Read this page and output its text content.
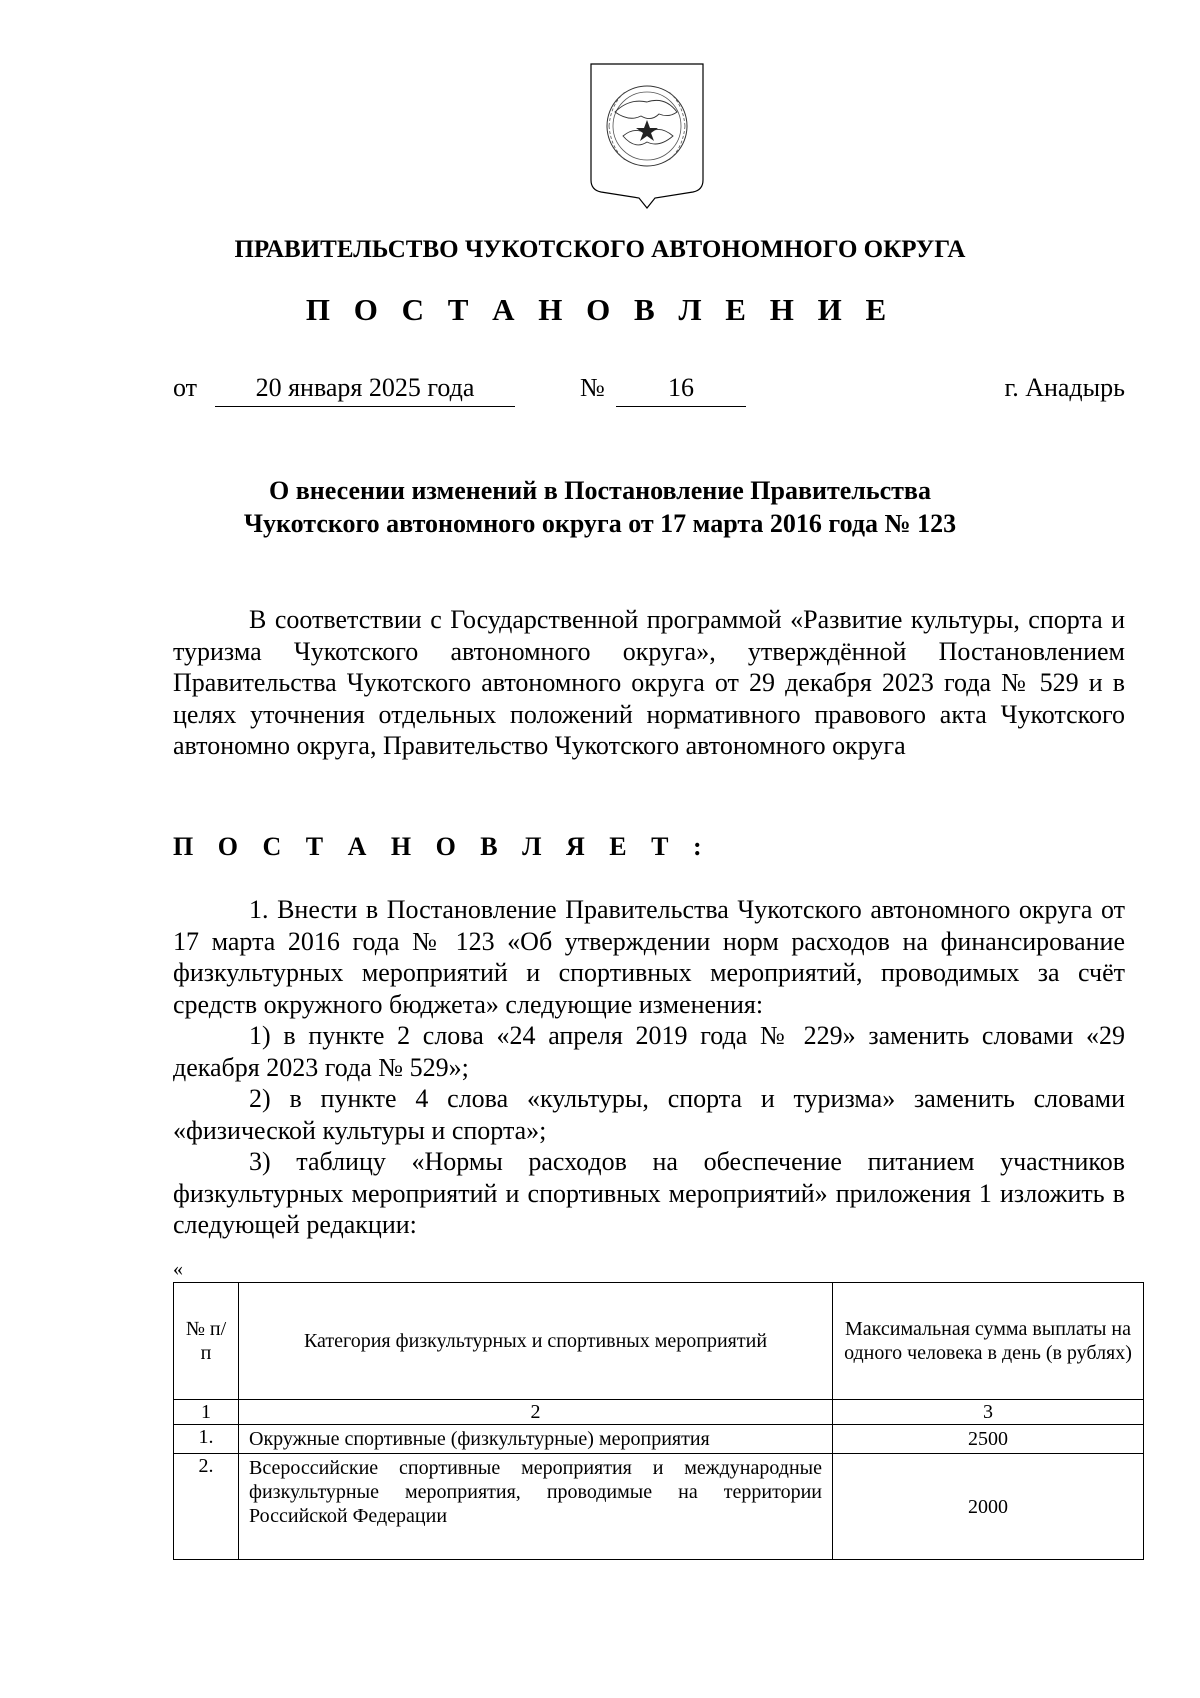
ПРАВИТЕЛЬСТВО ЧУКОТСКОГО АВТОНОМНОГО ОКРУГА
П О С Т А Н О В Л Е Н И Е
от	20 января 2025 года	№	16	г. Анадырь
О внесении изменений в Постановление Правительства
Чукотского автономного округа от 17 марта 2016 года № 123

В соответствии с Государственной программой «Развитие культуры, спорта и туризма Чукотского автономного округа», утверждённой Постановлением Правительства Чукотского автономного округа от 29 декабря 2023 года № 529 и в целях уточнения отдельных положений нормативного правового акта Чукотского автономно округа, Правительство Чукотского автономного округа

П О С Т А Н О В Л Я Е Т :

1. Внести в Постановление Правительства Чукотского автономного округа от 17 марта 2016 года № 123 «Об утверждении норм расходов на финансирование физкультурных мероприятий и спортивных мероприятий, проводимых за счёт средств окружного бюджета» следующие изменения:

1) в пункте 2 слова «24 апреля 2019 года № 229» заменить словами «29 декабря 2023 года № 529»;

2) в пункте 4 слова «культуры, спорта и туризма» заменить словами «физической культуры и спорта»;

3) таблицу «Нормы расходов на обеспечение питанием участников физкультурных мероприятий и спортивных мероприятий» приложения 1 изложить в следующей редакции:

«
№ п/п	Категория физкультурных и спортивных мероприятий	Максимальная сумма выплаты на одного человека в день (в рублях)
1	2	3
1.	Окружные спортивные (физкультурные) мероприятия	2500
2.	Всероссийские спортивные мероприятия и международные физкультурные мероприятия, проводимые на территории Российской Федерации	2000
